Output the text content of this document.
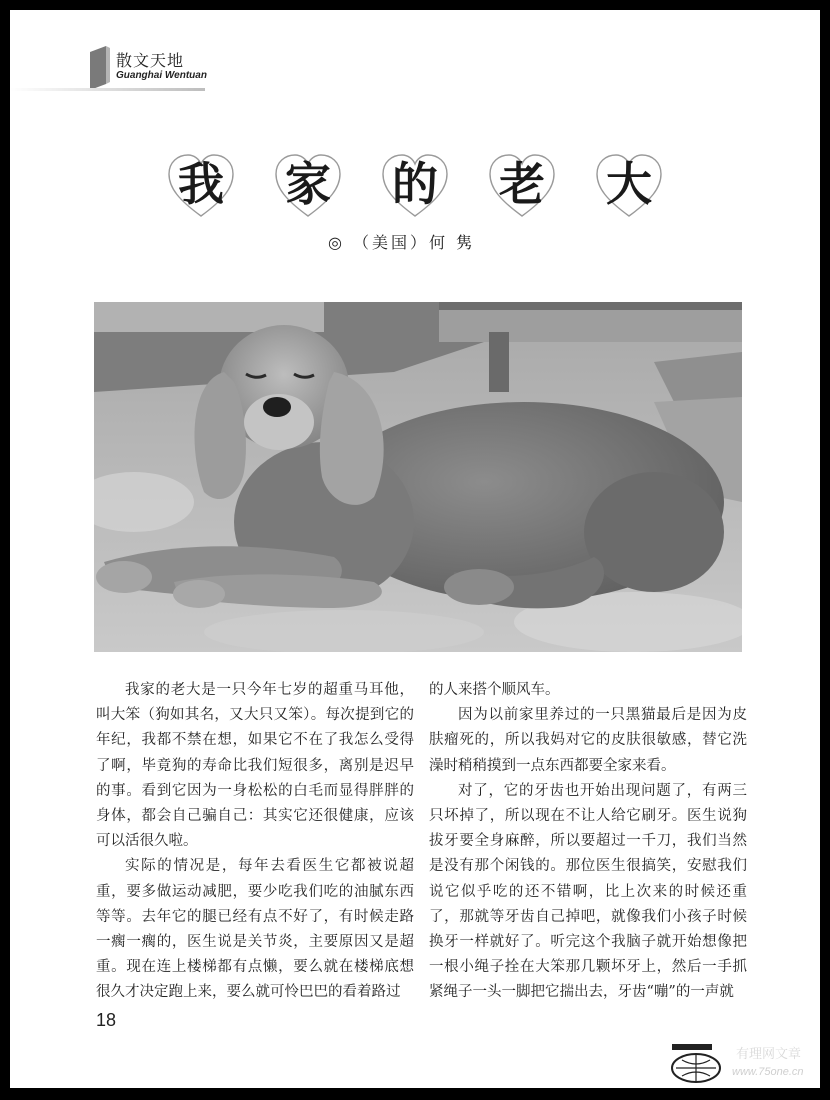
散文天地
Guanghai Wentuan
我 家 的 老 大
◎ （美国）何 隽

我家的老大是一只今年七岁的超重马耳他，叫大笨（狗如其名，又大只又笨）。每次提到它的年纪，我都不禁在想，如果它不在了我怎么受得了啊，毕竟狗的寿命比我们短很多，离别是迟早的事。看到它因为一身松松的白毛而显得胖胖的身体，都会自己骗自己：其实它还很健康，应该可以活很久啦。

实际的情况是，每年去看医生它都被说超重，要多做运动减肥，要少吃我们吃的油腻东西等等。去年它的腿已经有点不好了，有时候走路一瘸一瘸的，医生说是关节炎，主要原因又是超重。现在连上楼梯都有点懒，要么就在楼梯底想很久才决定跑上来，要么就可怜巴巴的看着路过

的人来搭个顺风车。

因为以前家里养过的一只黑猫最后是因为皮肤瘤死的，所以我妈对它的皮肤很敏感，替它洗澡时稍稍摸到一点东西都要全家来看。

对了，它的牙齿也开始出现问题了，有两三只坏掉了，所以现在不让人给它刷牙。医生说狗拔牙要全身麻醉，所以要超过一千刀，我们当然是没有那个闲钱的。那位医生很搞笑，安慰我们说它似乎吃的还不错啊，比上次来的时候还重了，那就等牙齿自己掉吧，就像我们小孩子时候换牙一样就好了。听完这个我脑子就开始想像把一根小绳子拴在大笨那几颗坏牙上，然后一手抓紧绳子一头一脚把它揣出去，牙齿“嘣”的一声就

18
有理网文章
www.75one.cn
